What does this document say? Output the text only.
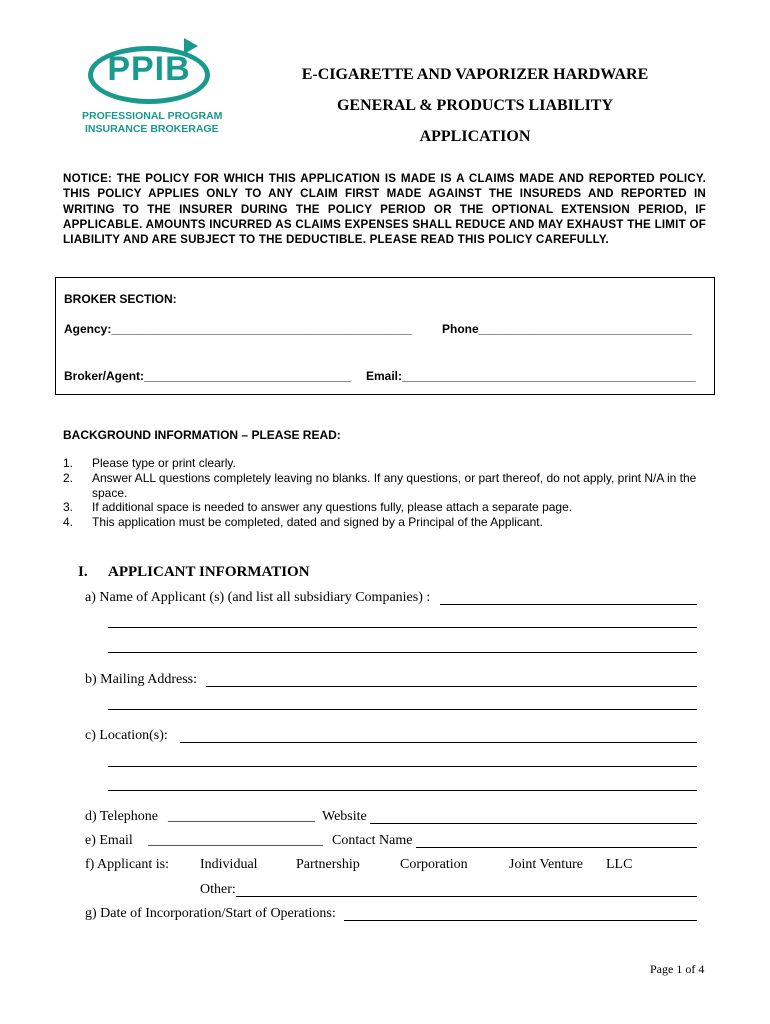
PPIB
PROFESSIONAL PROGRAM
INSURANCE BROKERAGE
E-CIGARETTE AND VAPORIZER HARDWARE
GENERAL & PRODUCTS LIABILITY
APPLICATION
NOTICE: THE POLICY FOR WHICH THIS APPLICATION IS MADE IS A CLAIMS MADE AND REPORTED POLICY. THIS POLICY APPLIES ONLY TO ANY CLAIM FIRST MADE AGAINST THE INSUREDS AND REPORTED IN WRITING TO THE INSURER DURING THE POLICY PERIOD OR THE OPTIONAL EXTENSION PERIOD, IF APPLICABLE. AMOUNTS INCURRED AS CLAIMS EXPENSES SHALL REDUCE AND MAY EXHAUST THE LIMIT OF LIABILITY AND ARE SUBJECT TO THE DEDUCTIBLE. PLEASE READ THIS POLICY CAREFULLY.
BROKER SECTION:
Agency:_____________________________________________	Phone________________________________
Broker/Agent:_______________________________ Email:____________________________________________
BACKGROUND INFORMATION – PLEASE READ:
1. Please type or print clearly.
2. Answer ALL questions completely leaving no blanks. If any questions, or part thereof, do not apply, print N/A in the space.
3. If additional space is needed to answer any questions fully, please attach a separate page.
4. This application must be completed, dated and signed by a Principal of the Applicant.
I. APPLICANT INFORMATION
a) Name of Applicant (s) (and list all subsidiary Companies) :
b) Mailing Address:
c) Location(s):
d) Telephone _____________________ Website
e) Email _________________________ Contact Name
f) Applicant is: Individual	Partnership	Corporation	Joint Venture LLC
Other:
g) Date of Incorporation/Start of Operations:
Page 1 of 4
